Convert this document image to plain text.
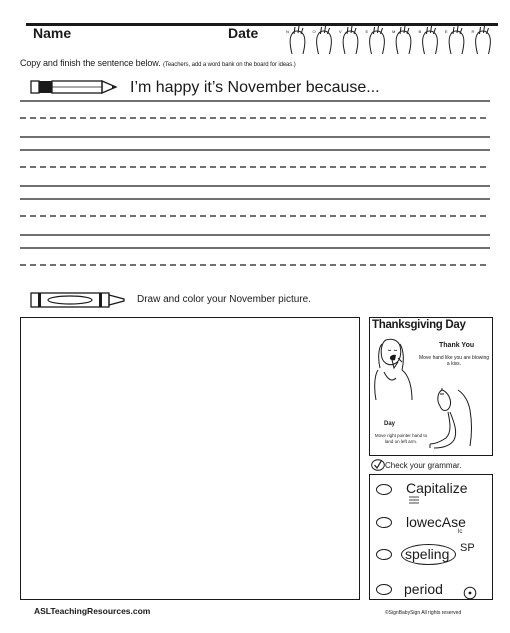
Name	Date	N	O	V	E	M	B	E	R
Copy and finish the sentence below. (Teachers, add a word bank on the board for ideas.)
I’m happy it’s November because...
Draw and color your November picture.
Thanksgiving Day
Thank You
Move hand like you are blowing a kiss.
Day
Move right pointer hand to land on left arm.
Check your grammar.
Capitalize
lowecAse
lc
speling SP
period
ASLTeachingResources.com	©SignBabySign All rights reserved
